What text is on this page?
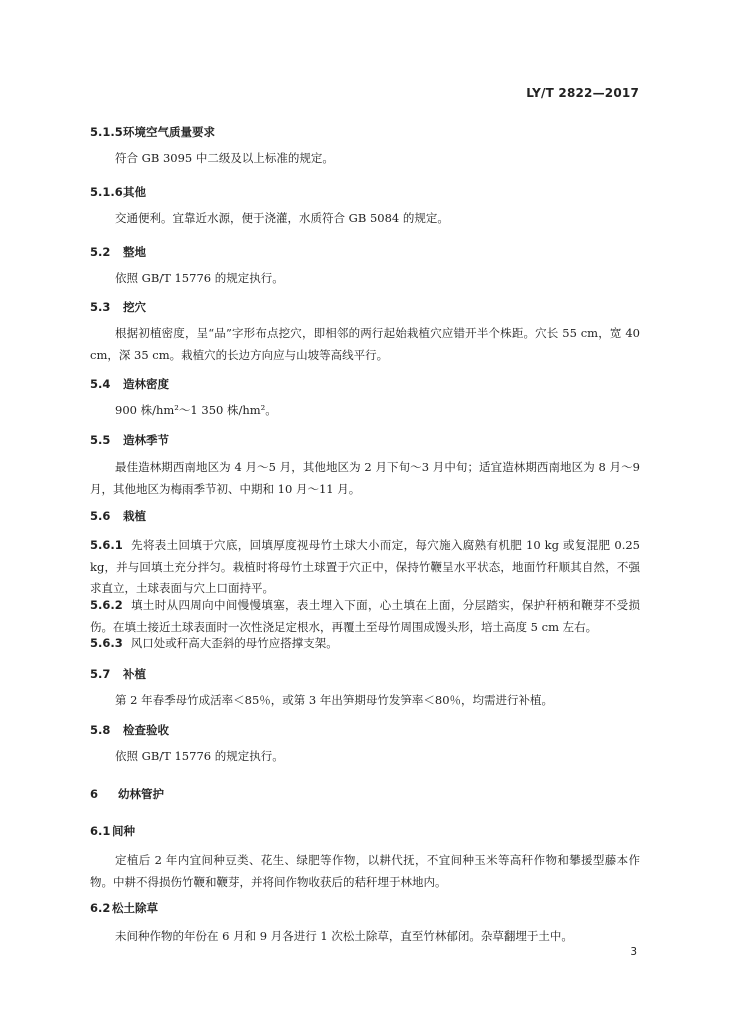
LY/T 2822—2017
5.1.5环境空气质量要求
符合 GB 3095 中二级及以上标准的规定。
5.1.6其他
交通便利。宜靠近水源，便于浇灌，水质符合 GB 5084 的规定。
5.2 整地
依照 GB/T 15776 的规定执行。
5.3 挖穴
根据初植密度，呈“品”字形布点挖穴，即相邻的两行起始栽植穴应错开半个株距。穴长 55 cm，宽 40 cm，深 35 cm。栽植穴的长边方向应与山坡等高线平行。
5.4 造林密度
900 株/hm²～1 350 株/hm²。
5.5 造林季节
最佳造林期西南地区为 4 月～5 月，其他地区为 2 月下旬～3 月中旬；适宜造林期西南地区为 8 月～9 月，其他地区为梅雨季节初、中期和 10 月～11 月。
5.6 栽植
5.6.1 先将表土回填于穴底，回填厚度视母竹土球大小而定，每穴施入腐熟有机肥 10 kg 或复混肥 0.25 kg，并与回填土充分拌匀。栽植时将母竹土球置于穴正中，保持竹鞭呈水平状态，地面竹秆顺其自然，不强求直立，土球表面与穴上口面持平。
5.6.2 填土时从四周向中间慢慢填塞，表土埋入下面，心土填在上面，分层踏实，保护秆柄和鞭芽不受损伤。在填土接近土球表面时一次性浇足定根水，再覆土至母竹周围成馒头形，培土高度 5 cm 左右。
5.6.3 风口处或秆高大歪斜的母竹应搭撑支架。
5.7 补植
第 2 年春季母竹成活率＜85％，或第 3 年出笋期母竹发笋率＜80％，均需进行补植。
5.8 检查验收
依照 GB/T 15776 的规定执行。
6 幼林管护
6.1 间种
定植后 2 年内宜间种豆类、花生、绿肥等作物，以耕代抚，不宜间种玉米等高秆作物和攀援型藤本作物。中耕不得损伤竹鞭和鞭芽，并将间作物收获后的秸秆埋于林地内。
6.2 松土除草
未间种作物的年份在 6 月和 9 月各进行 1 次松土除草，直至竹林郁闭。杂草翻埋于土中。
3
